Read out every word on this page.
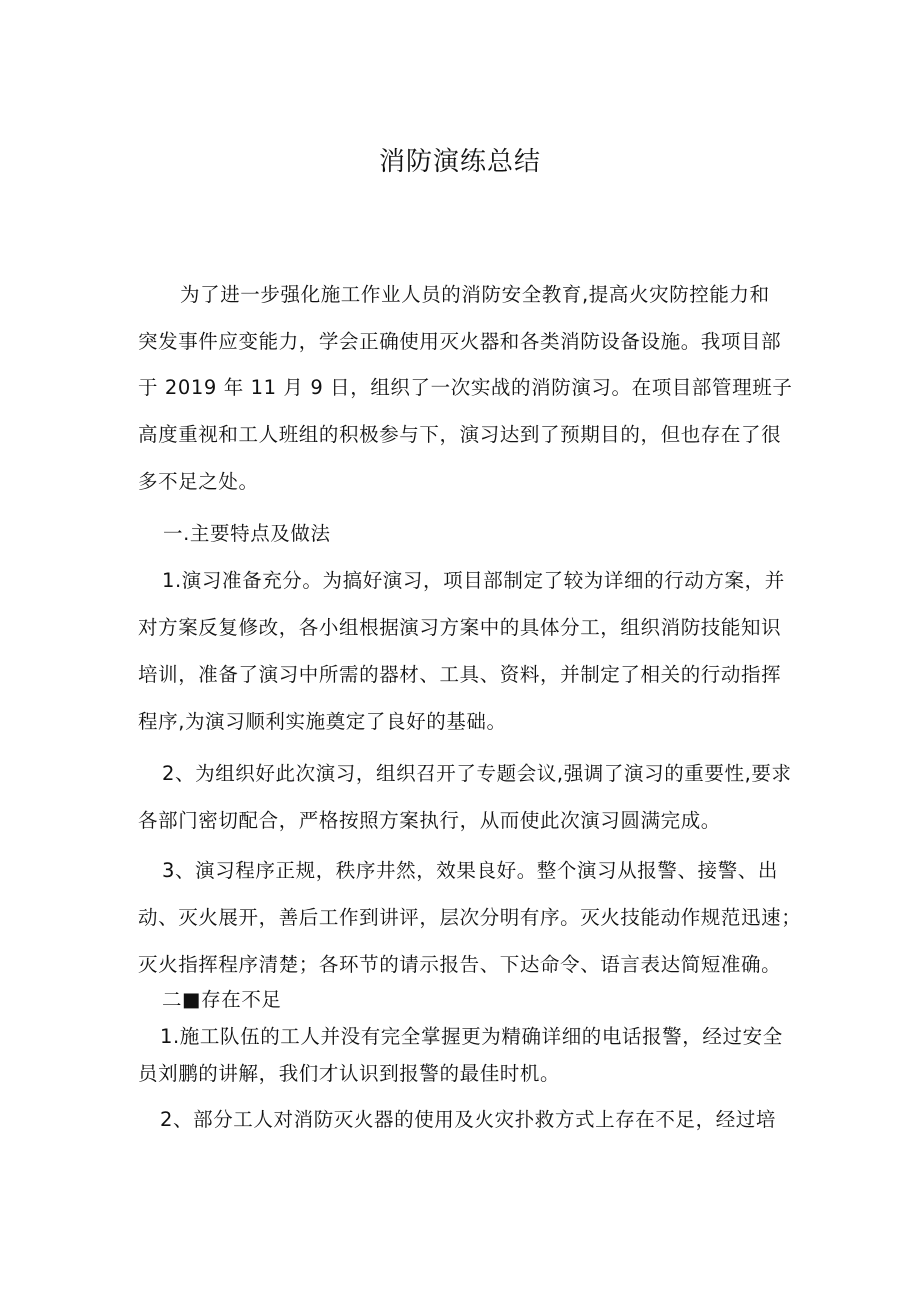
消防演练总结
为了进一步强化施工作业人员的消防安全教育,提高火灾防控能力和
突发事件应变能力，学会正确使用灭火器和各类消防设备设施。我项目部
于 2019 年 11 月 9 日，组织了一次实战的消防演习。在项目部管理班子
高度重视和工人班组的积极参与下，演习达到了预期目的，但也存在了很
多不足之处。
一.主要特点及做法
1.演习准备充分。为搞好演习，项目部制定了较为详细的行动方案，并
对方案反复修改，各小组根据演习方案中的具体分工，组织消防技能知识
培训，准备了演习中所需的器材、工具、资料，并制定了相关的行动指挥
程序,为演习顺利实施奠定了良好的基础。
2、为组织好此次演习，组织召开了专题会议,强调了演习的重要性,要求
各部门密切配合，严格按照方案执行，从而使此次演习圆满完成。
3、演习程序正规，秩序井然，效果良好。整个演习从报警、接警、出
动、灭火展开，善后工作到讲评，层次分明有序。灭火技能动作规范迅速；
灭火指挥程序清楚；各环节的请示报告、下达命令、语言表达简短准确。
二■存在不足
1.施工队伍的工人并没有完全掌握更为精确详细的电话报警，经过安全
员刘鹏的讲解，我们才认识到报警的最佳时机。
2、部分工人对消防灭火器的使用及火灾扑救方式上存在不足，经过培
